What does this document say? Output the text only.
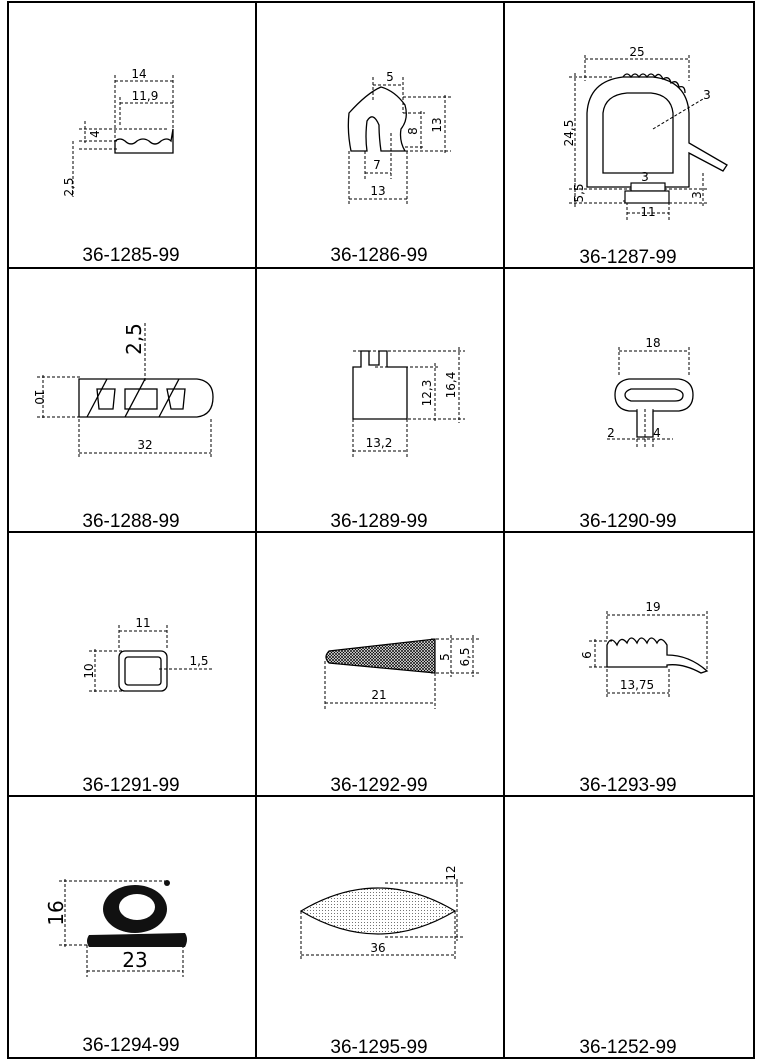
14
11,9
4
2,5
36-1285-99
5
13
8
7
13
36-1286-99
25
3
24,5
3
5,5
11
3
36-1287-99
2,5
10
32
36-1288-99
12,3 16,4
13,2
36-1289-99
18
2	4
36-1290-99
11
10
1,5
36-1291-99
5 6,5
21
36-1292-99
19
6
13,75
36-1293-99
16
23
36-1294-99
12
36
36-1295-99	36-1252-99
